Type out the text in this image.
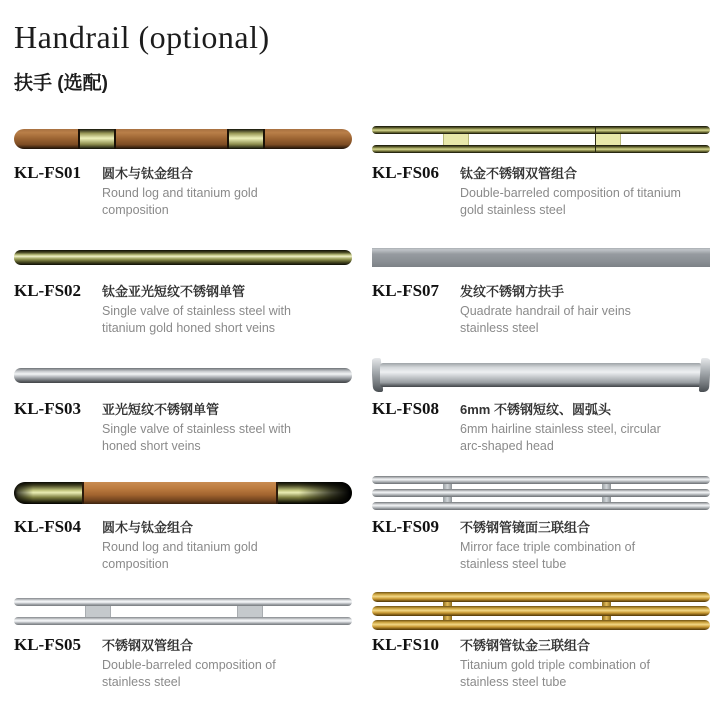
Handrail (optional)
扶手 (选配)
KL-FS01	圆木与钛金组合
Round log and titanium gold composition
KL-FS02	钛金亚光短纹不锈钢单管
Single valve of stainless steel with titanium gold honed short veins
KL-FS03	亚光短纹不锈钢单管
Single valve of stainless steel with honed short veins
KL-FS04	圆木与钛金组合
Round log and titanium gold composition
KL-FS05	不锈钢双管组合
Double-barreled composition of stainless steel
KL-FS06	钛金不锈钢双管组合
Double-barreled composition of titanium gold stainless steel
KL-FS07	发纹不锈钢方扶手
Quadrate handrail of hair veins stainless steel
KL-FS08	6mm 不锈钢短纹、圆弧头
6mm hairline stainless steel, circular arc-shaped head
KL-FS09	不锈钢管镜面三联组合
Mirror face triple combination of stainless steel tube
KL-FS10	不锈钢管钛金三联组合
Titanium gold triple combination of stainless steel tube
